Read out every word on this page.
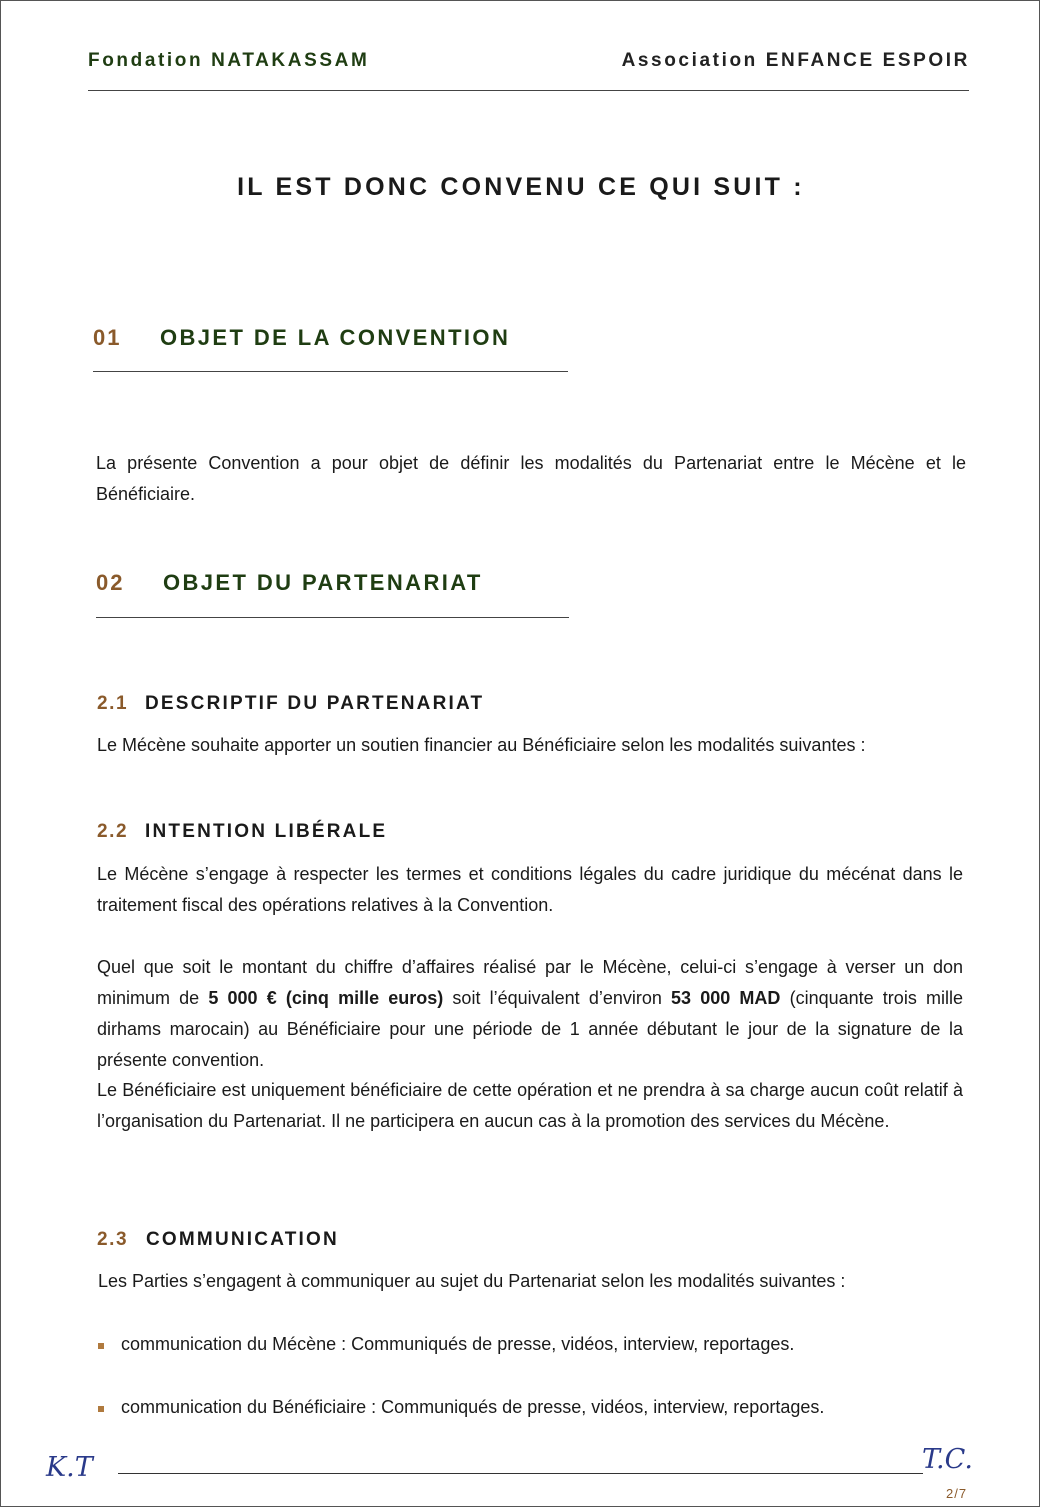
Fondation NATAKASSAM	Association ENFANCE ESPOIR
IL EST DONC CONVENU CE QUI SUIT :
01 OBJET DE LA CONVENTION
La présente Convention a pour objet de définir les modalités du Partenariat entre le Mécène et le Bénéficiaire.
02 OBJET DU PARTENARIAT
2.1 DESCRIPTIF DU PARTENARIAT
Le Mécène souhaite apporter un soutien financier au Bénéficiaire selon les modalités suivantes :
2.2 INTENTION LIBÉRALE
Le Mécène s’engage à respecter les termes et conditions légales du cadre juridique du mécénat dans le traitement fiscal des opérations relatives à la Convention.
Quel que soit le montant du chiffre d’affaires réalisé par le Mécène, celui-ci s’engage à verser un don minimum de 5 000 € (cinq mille euros) soit l’équivalent d’environ 53 000 MAD (cinquante trois mille dirhams marocain) au Bénéficiaire pour une période de 1 année débutant le jour de la signature de la présente convention.
Le Bénéficiaire est uniquement bénéficiaire de cette opération et ne prendra à sa charge aucun coût relatif à l’organisation du Partenariat. Il ne participera en aucun cas à la promotion des services du Mécène.
2.3 COMMUNICATION
Les Parties s’engagent à communiquer au sujet du Partenariat selon les modalités suivantes :
communication du Mécène : Communiqués de presse, vidéos, interview, reportages.
communication du Bénéficiaire : Communiqués de presse, vidéos, interview, reportages.
K.T	T.C.
2/7
